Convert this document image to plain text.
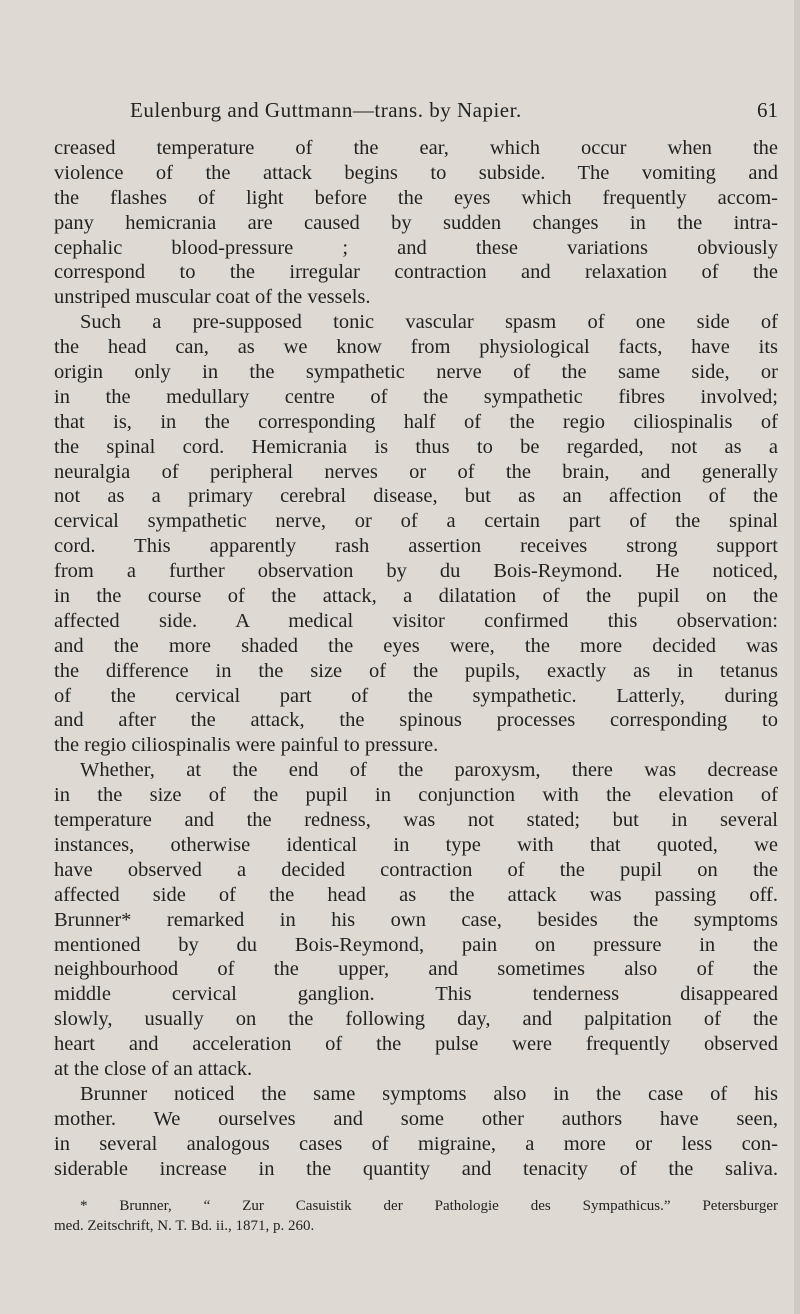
Eulenburg and Guttmann—trans. by Napier.	61
creased temperature of the ear, which occur when the
violence of the attack begins to subside. The vomiting and
the flashes of light before the eyes which frequently accom-
pany hemicrania are caused by sudden changes in the intra-
cephalic blood-pressure ; and these variations obviously
correspond to the irregular contraction and relaxation of the
unstriped muscular coat of the vessels.
Such a pre-supposed tonic vascular spasm of one side of
the head can, as we know from physiological facts, have its
origin only in the sympathetic nerve of the same side, or
in the medullary centre of the sympathetic fibres involved;
that is, in the corresponding half of the regio ciliospinalis of
the spinal cord. Hemicrania is thus to be regarded, not as a
neuralgia of peripheral nerves or of the brain, and generally
not as a primary cerebral disease, but as an affection of the
cervical sympathetic nerve, or of a certain part of the spinal
cord. This apparently rash assertion receives strong support
from a further observation by du Bois-Reymond. He noticed,
in the course of the attack, a dilatation of the pupil on the
affected side. A medical visitor confirmed this observation:
and the more shaded the eyes were, the more decided was
the difference in the size of the pupils, exactly as in tetanus
of the cervical part of the sympathetic. Latterly, during
and after the attack, the spinous processes corresponding to
the regio ciliospinalis were painful to pressure.
Whether, at the end of the paroxysm, there was decrease
in the size of the pupil in conjunction with the elevation of
temperature and the redness, was not stated; but in several
instances, otherwise identical in type with that quoted, we
have observed a decided contraction of the pupil on the
affected side of the head as the attack was passing off.
Brunner* remarked in his own case, besides the symptoms
mentioned by du Bois-Reymond, pain on pressure in the
neighbourhood of the upper, and sometimes also of the
middle cervical ganglion. This tenderness disappeared
slowly, usually on the following day, and palpitation of the
heart and acceleration of the pulse were frequently observed
at the close of an attack.
Brunner noticed the same symptoms also in the case of his
mother. We ourselves and some other authors have seen,
in several analogous cases of migraine, a more or less con-
siderable increase in the quantity and tenacity of the saliva.
* Brunner, “ Zur Casuistik der Pathologie des Sympathicus.” Petersburger
med. Zeitschrift, N. T. Bd. ii., 1871, p. 260.
